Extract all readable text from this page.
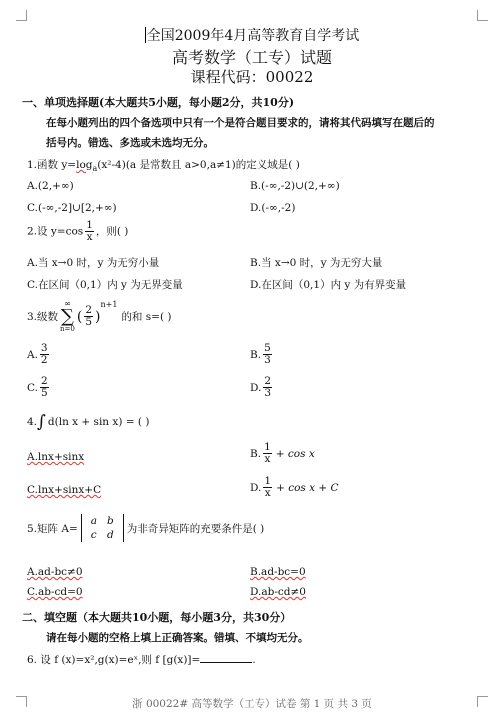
全国2009年4月高等教育自学考试
高考数学（工专）试题
课程代码：00022
一、单项选择题(本大题共5小题，每小题2分，共10分)
在每小题列出的四个备选项中只有一个是符合题目要求的，请将其代码填写在题后的
括号内。错选、多选或未选均无分。
1.函数 $y=\log_a(x^2-4)(a$ 是常数且 a>0,a≠1)的定义域是( )
A.(2,+∞)	B.(-∞,-2)∪(2,+∞)
C.(-∞,-2]∪[2,+∞)	D.(-∞,-2)
2.设 $y=\cos \frac{1}{x}$ ，则( )
A.当 x→0 时，y 为无穷小量	B.当 x→0 时，y 为无穷大量
C.在区间（0,1）内 y 为无界变量	D.在区间（0,1）内 y 为有界变量
3.级数
∞
∑
n=0
( $\frac{2}{5}$ )
$^{n+1}$
的和 s=( )
A. $\frac{3}{2}$	B. $\frac{5}{3}$
C. $\frac{2}{5}$	D. $\frac{2}{3}$
4. ∫ d(ln x + sin x) = ( )
A.lnx+sinx	B. $\frac{1}{x} + \cos x$
C.lnx+sinx+C	D. $\frac{1}{x} + \cos x + C$
5.矩阵 A=
a	b
c	d
为非奇异矩阵的充要条件是( )
A.ad-bc≠0	B.ad-bc=0
C.ab-cd=0	D.ab-cd≠0
二、填空题（本大题共10小题，每小题3分，共30分）
请在每小题的空格上填上正确答案。错填、不填均无分。
6. 设 f (x)=x²,g(x)=eˣ,则 f [g(x)]=	.
浙 00022# 高等数学（工专）试卷 第 1 页 共 3 页
